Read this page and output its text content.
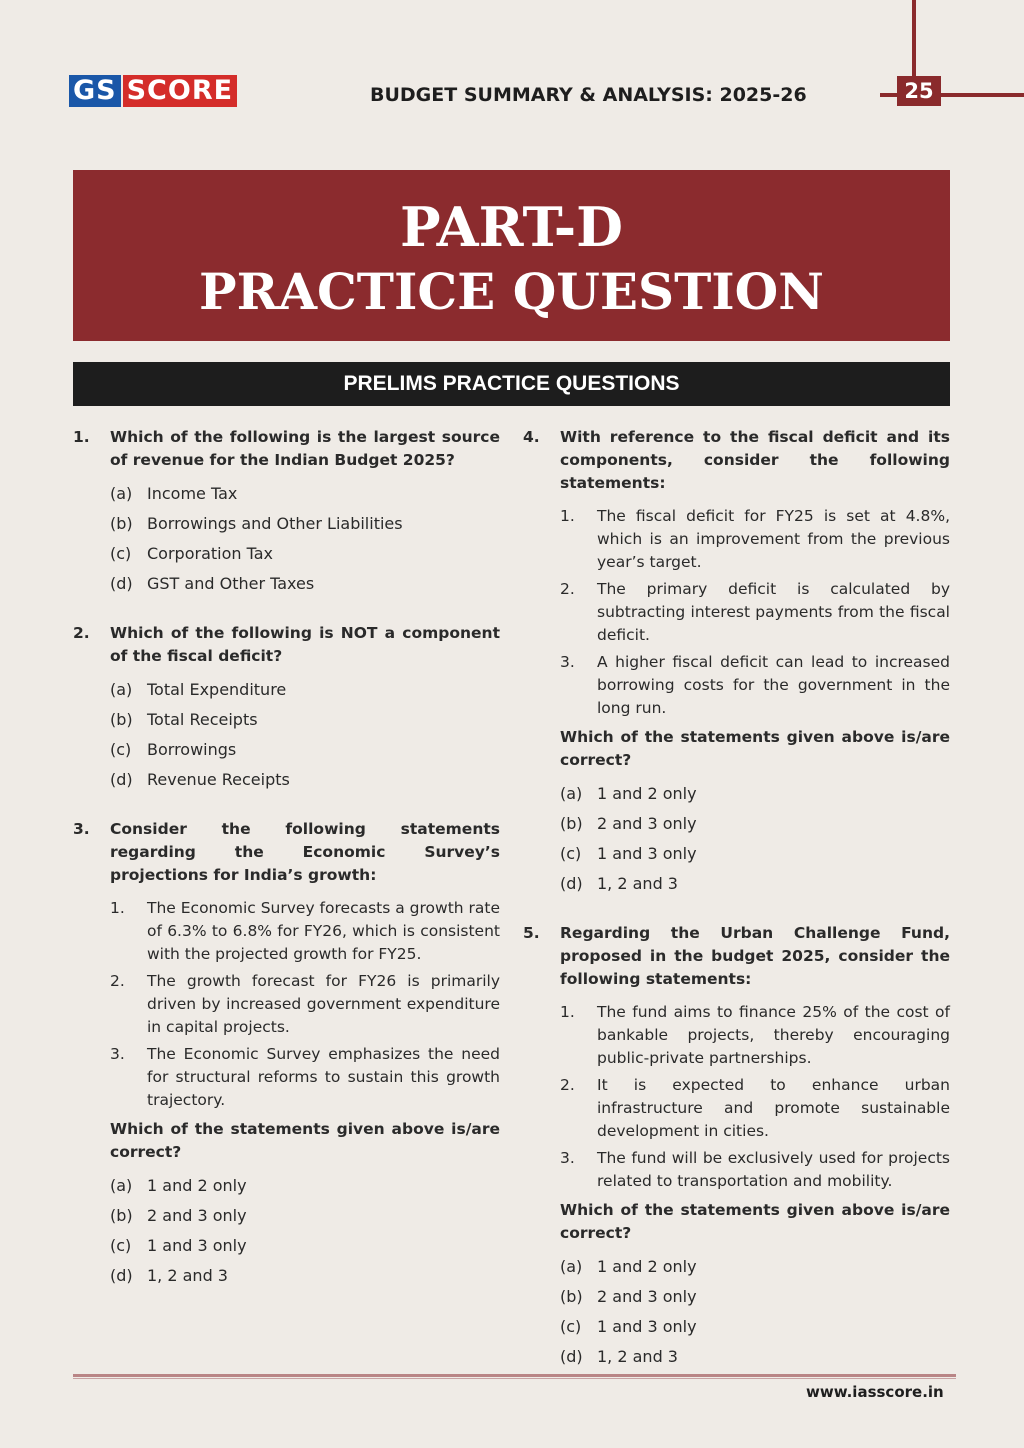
GS SCORE	BUDGET SUMMARY & ANALYSIS: 2025-26	25
PART-D
PRACTICE QUESTION
PRELIMS PRACTICE QUESTIONS
1. Which of the following is the largest source of revenue for the Indian Budget 2025?
(a) Income Tax
(b) Borrowings and Other Liabilities
(c) Corporation Tax
(d) GST and Other Taxes
2. Which of the following is NOT a component of the fiscal deficit?
(a) Total Expenditure
(b) Total Receipts
(c) Borrowings
(d) Revenue Receipts
3. Consider the following statements regarding the Economic Survey’s projections for India’s growth:
1. The Economic Survey forecasts a growth rate of 6.3% to 6.8% for FY26, which is consistent with the projected growth for FY25.
2. The growth forecast for FY26 is primarily driven by increased government expenditure in capital projects.
3. The Economic Survey emphasizes the need for structural reforms to sustain this growth trajectory.
Which of the statements given above is/are correct?
(a) 1 and 2 only
(b) 2 and 3 only
(c) 1 and 3 only
(d) 1, 2 and 3
4. With reference to the fiscal deficit and its components, consider the following statements:
1. The fiscal deficit for FY25 is set at 4.8%, which is an improvement from the previous year’s target.
2. The primary deficit is calculated by subtracting interest payments from the fiscal deficit.
3. A higher fiscal deficit can lead to increased borrowing costs for the government in the long run.
Which of the statements given above is/are correct?
(a) 1 and 2 only
(b) 2 and 3 only
(c) 1 and 3 only
(d) 1, 2 and 3
5. Regarding the Urban Challenge Fund, proposed in the budget 2025, consider the following statements:
1. The fund aims to finance 25% of the cost of bankable projects, thereby encouraging public-private partnerships.
2. It is expected to enhance urban infrastructure and promote sustainable development in cities.
3. The fund will be exclusively used for projects related to transportation and mobility.
Which of the statements given above is/are correct?
(a) 1 and 2 only
(b) 2 and 3 only
(c) 1 and 3 only
(d) 1, 2 and 3
www.iasscore.in
